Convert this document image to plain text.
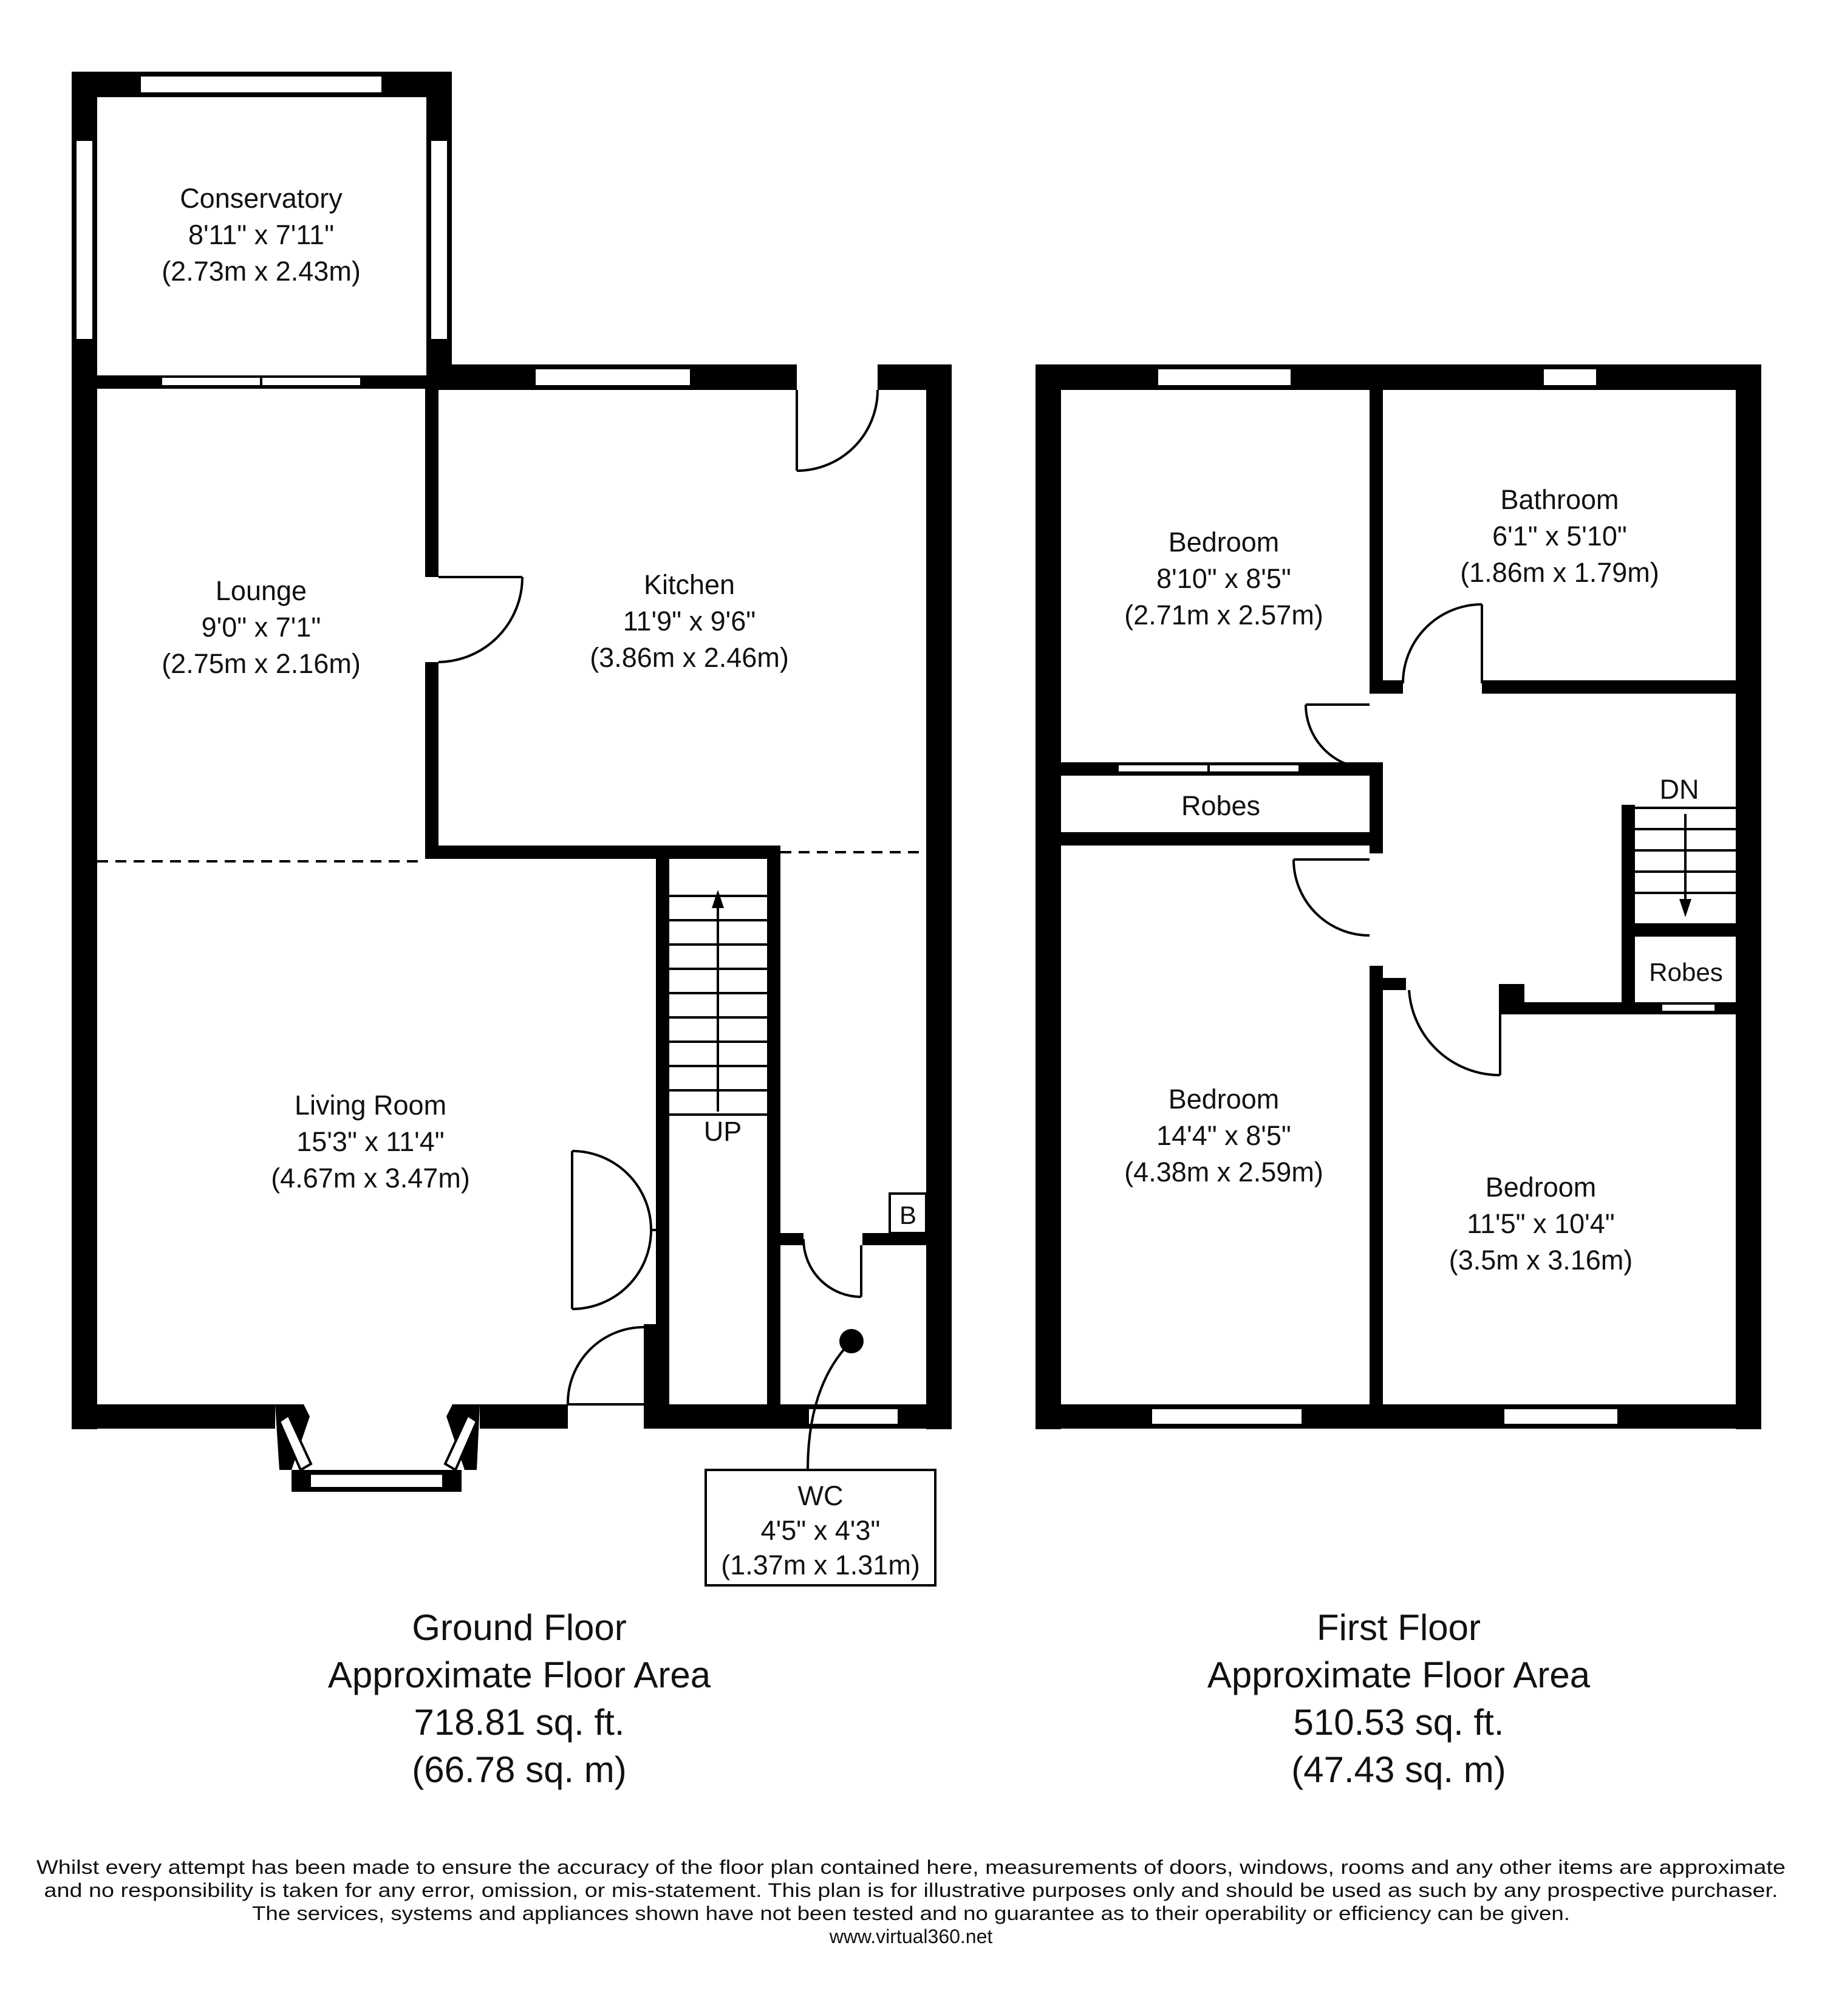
B
WC
4'5" x 4'3"
(1.37m x 1.31m)
Conservatory
8'11" x 7'11"
(2.73m x 2.43m)
Lounge
9'0" x 7'1"
(2.75m x 2.16m)
Kitchen
11'9" x 9'6"
(3.86m x 2.46m)
Living Room
15'3" x 11'4"
(4.67m x 3.47m)
UP
Robes
DN
Robes
Bedroom
8'10" x 8'5"
(2.71m x 2.57m)
Bathroom
6'1" x 5'10"
(1.86m x 1.79m)
Bedroom
14'4" x 8'5"
(4.38m x 2.59m)	Bedroom
11'5" x 10'4"
(3.5m x 3.16m)
Ground Floor
Approximate Floor Area
718.81 sq. ft.
(66.78 sq. m)
First Floor
Approximate Floor Area
510.53 sq. ft.
(47.43 sq. m)
Whilst every attempt has been made to ensure the accuracy of the floor plan contained here, measurements of doors, windows, rooms and any other items are approximate
and no responsibility is taken for any error, omission, or mis-statement. This plan is for illustrative purposes only and should be used as such by any prospective purchaser.
The services, systems and appliances shown have not been tested and no guarantee as to their operability or efficiency can be given.
www.virtual360.net
